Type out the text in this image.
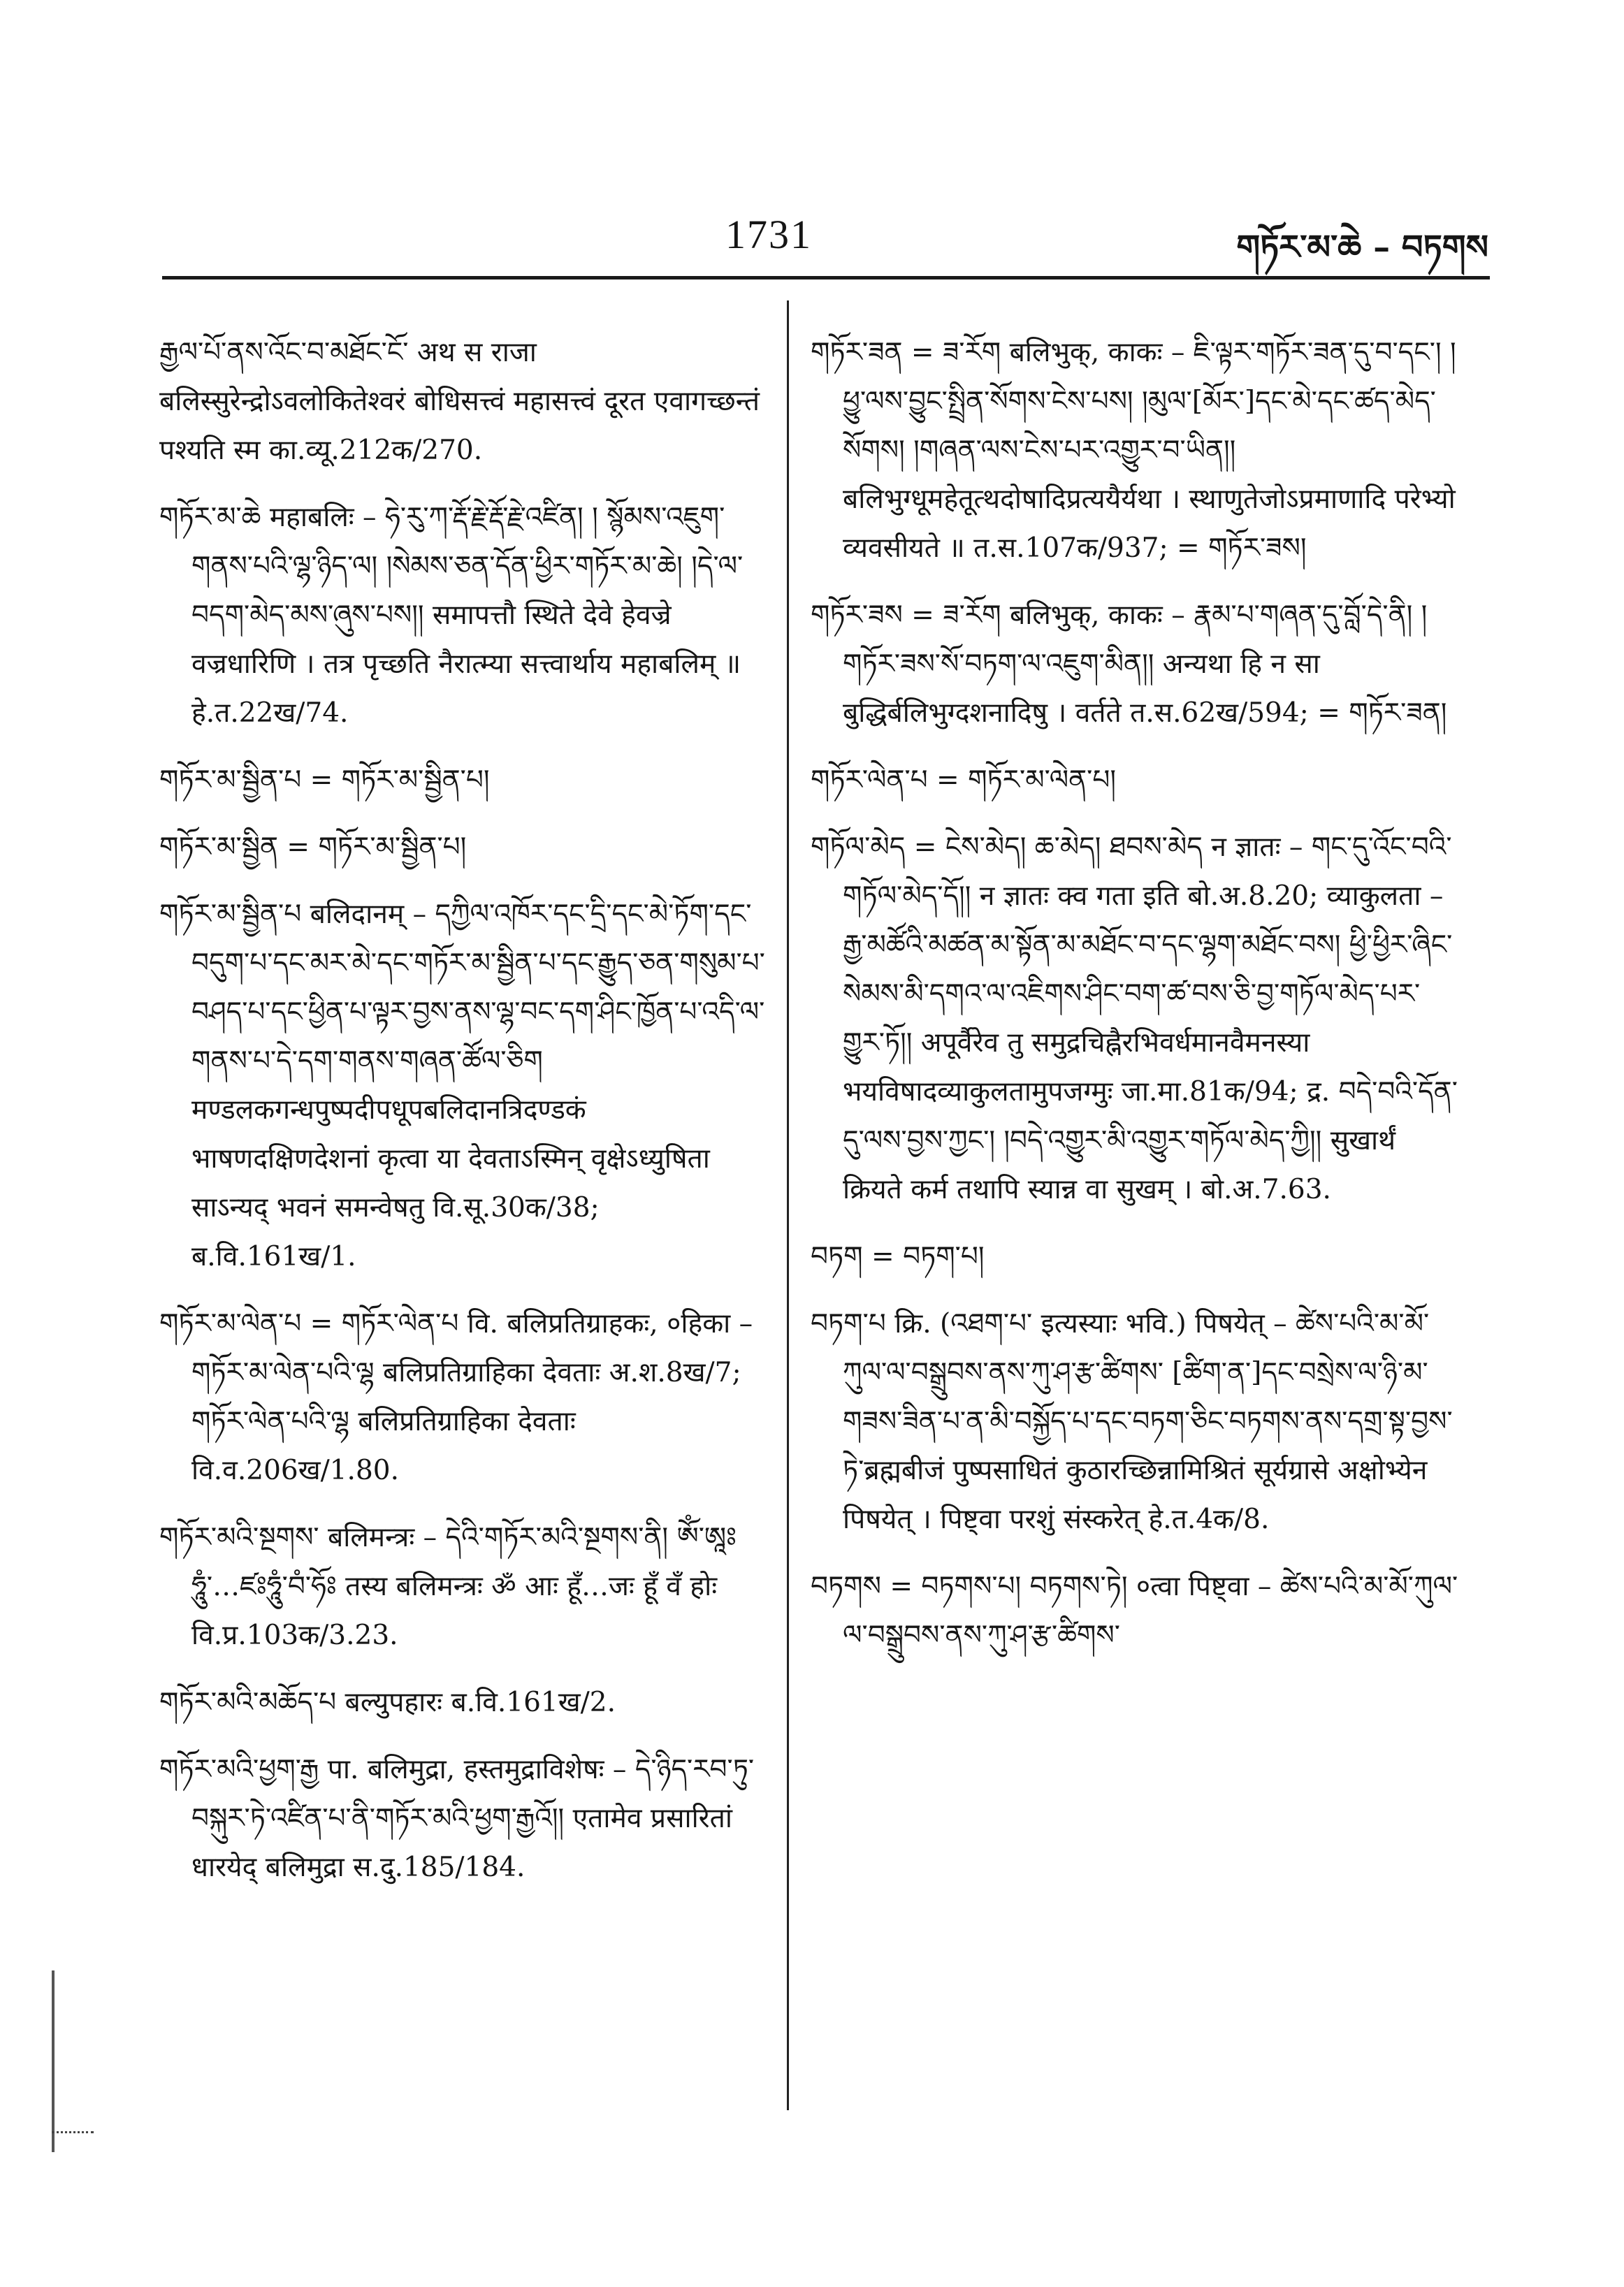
1731	གཏོར་མ་ཆེ – བཏགས

རྒྱལ་པོ་ནས་འོང་བ་མཐོང་ངོ་ अथ स राजा बलिस्सुरेन्द्रोऽवलोकितेश्वरं बोधिसत्त्वं महासत्त्वं दूरत एवागच्छन्तं पश्यति स्म का.व्यू.212क/270.

གཏོར་མ་ཆེ महाबलिः – ཧེ་རུ་ཀ་རྡོ་རྗེ་རྡོ་རྗེ་འཛིན། ། སྙོམས་འཇུག་གནས་པའི་ལྷ་ཉིད་ལ། །སེམས་ཅན་དོན་ཕྱིར་གཏོར་མ་ཆེ། །དེ་ལ་བདག་མེད་མས་ཞུས་པས།། समापत्तौ स्थिते देवे हेवज्रे वज्रधारिणि । तत्र पृच्छति नैरात्म्या सत्त्वार्थाय महाबलिम् ॥ हे.त.22ख/74.

གཏོར་མ་སྦྱིན་པ = གཏོར་མ་སྦྱིན་པ།

གཏོར་མ་སྦྱིན = གཏོར་མ་སྦྱིན་པ།

གཏོར་མ་སྦྱིན་པ बलिदानम् – དཀྱིལ་འཁོར་དང་དྲི་དང་མེ་ཏོག་དང་བདུག་པ་དང་མར་མེ་དང་གཏོར་མ་སྦྱིན་པ་དང་རྒྱུད་ཅན་གསུམ་པ་བཤད་པ་དང་ཕྱིན་པ་ལྟར་བྱས་ནས་ལྷ་བང་དག་ཤིང་ཁྱོན་པ་འདི་ལ་གནས་པ་དེ་དག་གནས་གཞན་ཚོལ་ཅིག मण्डलकगन्धपुष्पदीपधूपबलिदानत्रिदण्डकं भाषणदक्षिणदेशनां कृत्वा या देवताऽस्मिन् वृक्षेऽध्युषिता साऽन्यद् भवनं समन्वेषतु वि.सू.30क/38; ब.वि.161ख/1.

གཏོར་མ་ལེན་པ = གཏོར་ལེན་པ वि. बलिप्रतिग्राहकः, ०हिका – གཏོར་མ་ལེན་པའི་ལྷ बलिप्रतिग्राहिका देवताः अ.श.8ख/7; གཏོར་ལེན་པའི་ལྷ बलिप्रतिग्राहिका देवताः वि.व.206ख/1.80.

གཏོར་མའི་སྔགས་ बलिमन्त्रः – དེའི་གཏོར་མའི་སྔགས་ནི། ཨོཾ་ཨཱཿཧཱུཾ་…ཛཿཧཱུཾ་བཾ་ཧོཿ तस्य बलिमन्त्रः ॐ आः हूँ…जः हूँ वँ होः वि.प्र.103क/3.23.

གཏོར་མའི་མཆོད་པ बल्युपहारः ब.वि.161ख/2.

གཏོར་མའི་ཕྱག་རྒྱ पा. बलिमुद्रा, हस्तमुद्राविशेषः – དེ་ཉིད་རབ་ཏུ་བསྐུར་ཏེ་འཛིན་པ་ནི་གཏོར་མའི་ཕྱག་རྒྱའོ།། एतामेव प्रसारितां धारयेद् बलिमुद्रा स.दु.185/184.

གཏོར་ཟན = ཟ་རོག बलिभुक्, काकः – ཇི་ལྟར་གཏོར་ཟན་དུ་བ་དང་། །ཕྱུ་ལས་བྱུང་སྤྲིན་སོགས་ངེས་པས། །མུལ་[མོར་]དང་མེ་དང་ཚད་མེད་སོགས། །གཞན་ལས་ངེས་པར་འགྱུར་བ་ཡིན།། बलिभुग्धूमहेतूत्थदोषादिप्रत्ययैर्यथा । स्थाणुतेजोऽप्रमाणादि परेभ्यो व्यवसीयते ॥ त.स.107क/937; = གཏོར་ཟས།

གཏོར་ཟས = ཟ་རོག बलिभुक्, काकः – རྣམ་པ་གཞན་དུ་བློ་དེ་ནི། །གཏོར་ཟས་སོ་བཏག་ལ་འཇུག་མིན།། अन्यथा हि न सा बुद्धिर्बलिभुग्दशनादिषु । वर्तते त.स.62ख/594; = གཏོར་ཟན།

གཏོར་ལེན་པ = གཏོར་མ་ལེན་པ།

གཏོལ་མེད = ངེས་མེད། ཆ་མེད། ཐབས་མེད न ज्ञातः – གང་དུ་འོང་བའི་གཏོལ་མེད་དོ།། न ज्ञातः क्व गता इति बो.अ.8.20; व्याकुलता – རྒྱ་མཚོའི་མཚན་མ་སྟོན་མ་མཐོང་བ་དང་ལྷག་མཐོང་བས། ཕྱི་ཕྱིར་ཞིང་སེམས་མི་དགའ་ལ་འཇིགས་ཤིང་བག་ཚ་བས་ཅི་བྱ་གཏོལ་མེད་པར་གྱུར་ཏོ།། अपूर्वैरेव तु समुद्रचिह्नैरभिवर्धमानवैमनस्या भयविषादव्याकुलतामुपजग्मुः जा.मा.81क/94; द्र. བདེ་བའི་དོན་དུ་ལས་བྱས་ཀྱང་། །བདེ་འགྱུར་མི་འགྱུར་གཏོལ་མེད་ཀྱི།། सुखार्थं क्रियते कर्म तथापि स्यान्न वा सुखम् । बो.अ.7.63.

བཏག = བཏག་པ།

བཏག་པ क्रि. (འཐག་པ་ इत्यस्याः भवि.) पिषयेत् – ཚེས་པའི་མ་མོ་ཀུལ་ལ་བསྒྲུབས་ནས་ཀུ་ཤ་རྩ་ཚིགས་ [ཚིག་ན་]དང་བསྲེས་ལ་ཉི་མ་གཟས་ཟིན་པ་ན་མི་བསྐྱོད་པ་དང་བཏག་ཅིང་བཏགས་ནས་དགྲ་སྟ་བྱས་ཏེ་ब्रह्मबीजं पुष्पसाधितं कुठारच्छिन्नामिश्रितं सूर्यग्रासे अक्षोभ्येन पिषयेत् । पिष्ट्वा परशुं संस्करेत् हे.त.4क/8.

བཏགས = བཏགས་པ། བཏགས་ཏེ། ०त्वा पिष्ट्वा – ཚེས་པའི་མ་མོ་ཀུལ་ལ་བསྒྲུབས་ནས་ཀུ་ཤ་རྩ་ཚིགས་
